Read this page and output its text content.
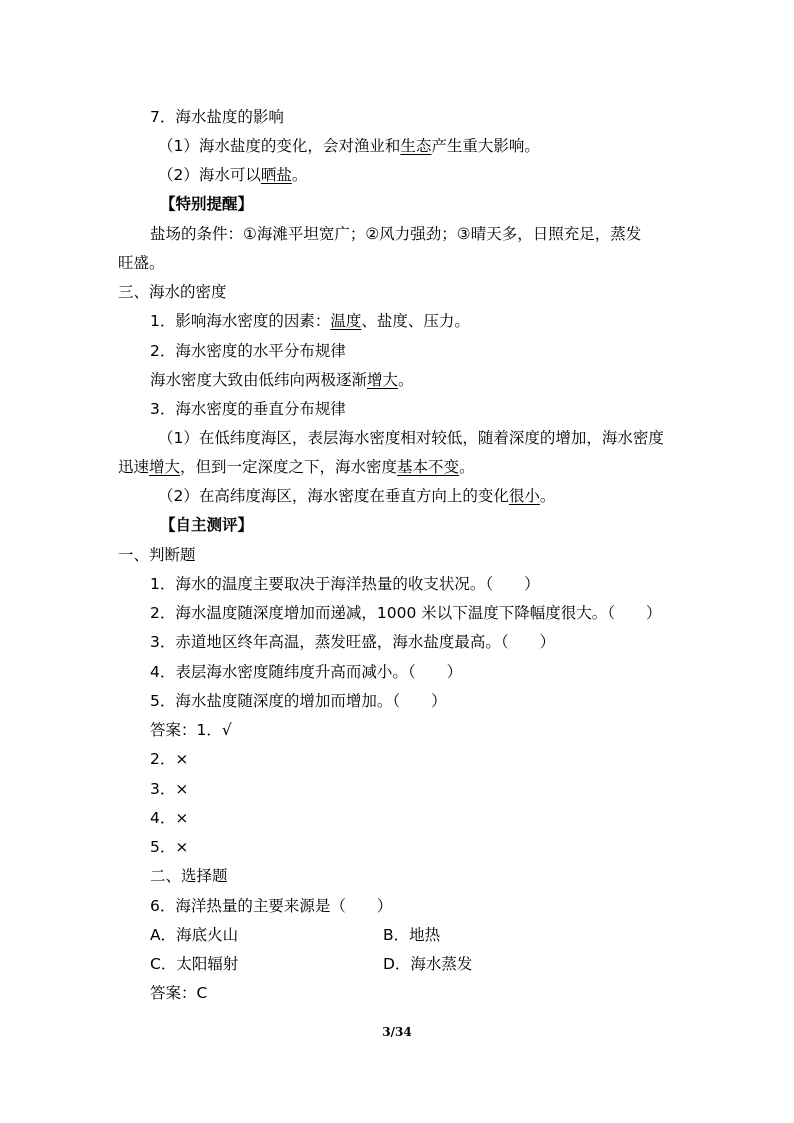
7．海水盐度的影响
（1）海水盐度的变化，会对渔业和生态产生重大影响。
（2）海水可以晒盐。
【特别提醒】
盐场的条件：①海滩平坦宽广；②风力强劲；③晴天多，日照充足，蒸发
旺盛。
三、海水的密度
1．影响海水密度的因素：温度、盐度、压力。
2．海水密度的水平分布规律
海水密度大致由低纬向两极逐渐增大。
3．海水密度的垂直分布规律
（1）在低纬度海区，表层海水密度相对较低，随着深度的增加，海水密度
迅速增大，但到一定深度之下，海水密度基本不变。
（2）在高纬度海区，海水密度在垂直方向上的变化很小。
【自主测评】
一、判断题
1．海水的温度主要取决于海洋热量的收支状况。（　　）
2．海水温度随深度增加而递减，1000 米以下温度下降幅度很大。（　　）
3．赤道地区终年高温，蒸发旺盛，海水盐度最高。（　　）
4．表层海水密度随纬度升高而减小。（　　）
5．海水盐度随深度的增加而增加。（　　）
答案：1．√
2．×
3．×
4．×
5．×
二、选择题
6．海洋热量的主要来源是（　　）
A．海底火山	B．地热
C．太阳辐射	D．海水蒸发
答案：C
3/34
